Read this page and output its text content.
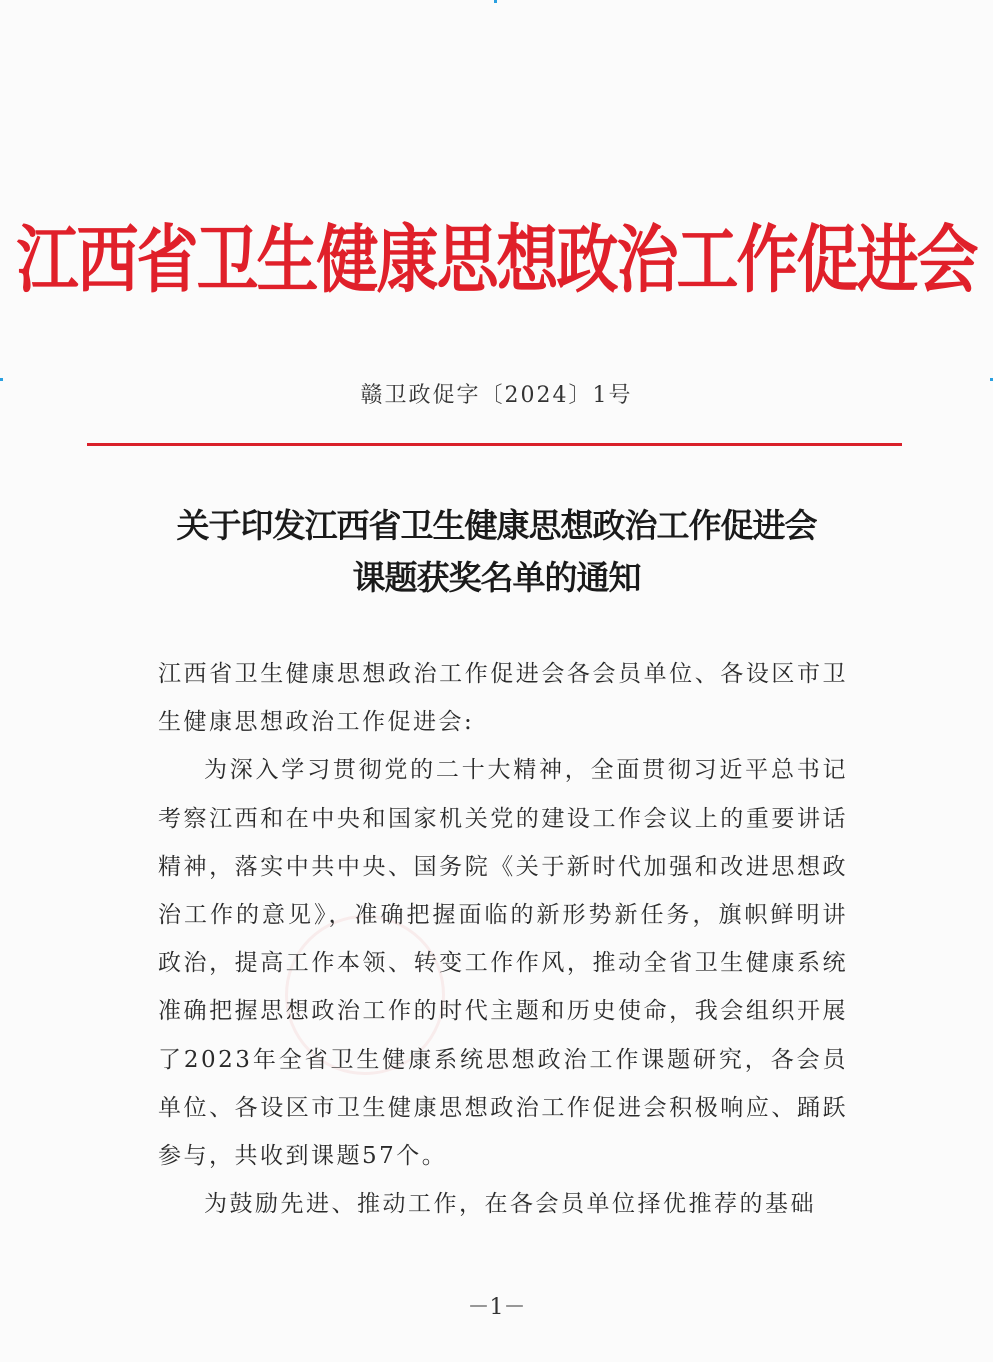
江西省卫生健康思想政治工作促进会
赣卫政促字〔2024〕1号
关于印发江西省卫生健康思想政治工作促进会
课题获奖名单的通知

江西省卫生健康思想政治工作促进会各会员单位、各设区市卫生健康思想政治工作促进会:

为深入学习贯彻党的二十大精神，全面贯彻习近平总书记考察江西和在中央和国家机关党的建设工作会议上的重要讲话精神，落实中共中央、国务院《关于新时代加强和改进思想政治工作的意见》，准确把握面临的新形势新任务，旗帜鲜明讲政治，提高工作本领、转变工作作风，推动全省卫生健康系统准确把握思想政治工作的时代主题和历史使命，我会组织开展了2023年全省卫生健康系统思想政治工作课题研究，各会员单位、各设区市卫生健康思想政治工作促进会积极响应、踊跃参与，共收到课题57个。

为鼓励先进、推动工作，在各会员单位择优推荐的基础

－1－
